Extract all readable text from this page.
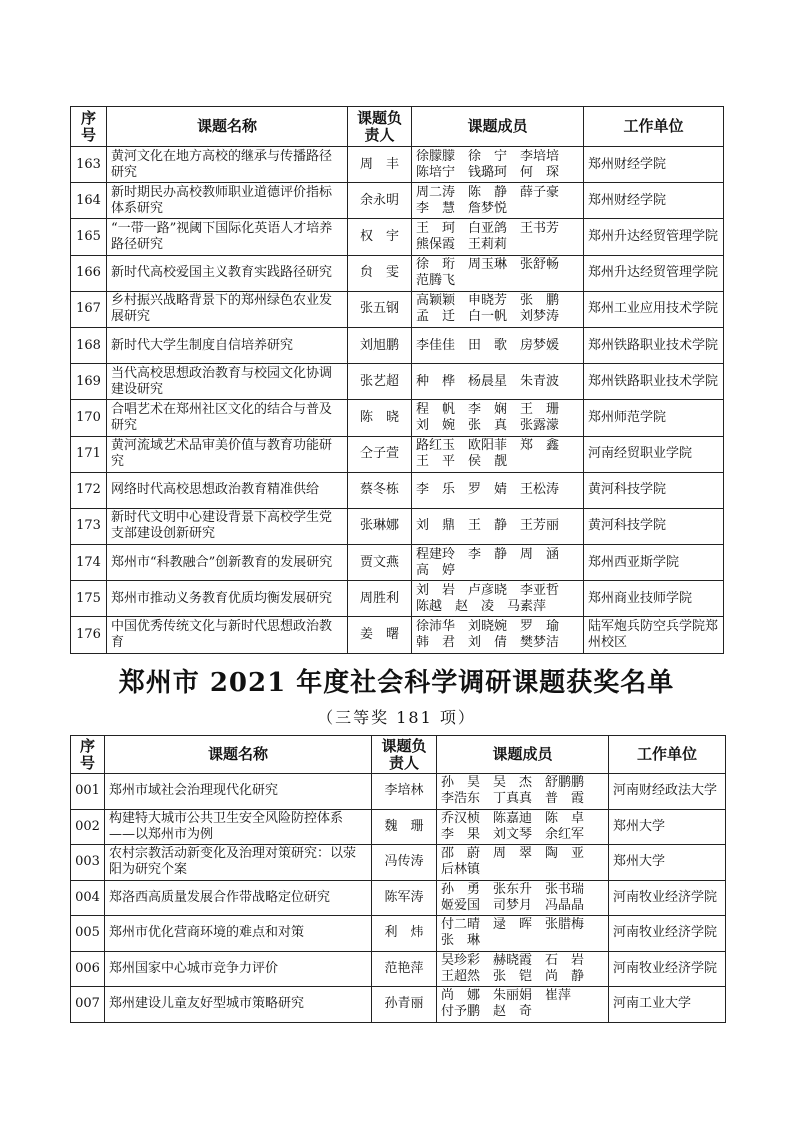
序号	课题名称	课题负责人	课题成员	工作单位
163	黄河文化在地方高校的继承与传播路径研究	周　丰	徐朦朦　徐　宁　李培培
陈培宁　钱璐珂　何　琛	郑州财经学院
164	新时期民办高校教师职业道德评价指标体系研究	余永明	周二涛　陈　静　薛子豪
李　慧　詹梦悦	郑州财经学院
165	“一带一路”视阈下国际化英语人才培养路径研究	权　宇	王　珂　白亚鸽　王书芳
熊保霞　王莉莉	郑州升达经贸管理学院
166	新时代高校爱国主义教育实践路径研究	贠　雯	徐　珩　周玉琳　张舒畅
范腾飞	郑州升达经贸管理学院
167	乡村振兴战略背景下的郑州绿色农业发展研究	张五钢	高颖颖　申晓芳　张　鹏
孟　迁　白一帆　刘梦涛	郑州工业应用技术学院
168	新时代大学生制度自信培养研究	刘旭鹏	李佳佳　田　歌　房梦媛	郑州铁路职业技术学院
169	当代高校思想政治教育与校园文化协调建设研究	张艺超	种　桦　杨晨星　朱青波	郑州铁路职业技术学院
170	合唱艺术在郑州社区文化的结合与普及研究	陈　晓	程　帆　李　娴　王　珊
刘　婉　张　真　张露濛	郑州师范学院
171	黄河流域艺术品审美价值与教育功能研究	仝子萱	路红玉　欧阳菲　郑　鑫
王　平　侯　靓	河南经贸职业学院
172	网络时代高校思想政治教育精准供给	蔡冬栋	李　乐　罗　婧　王松涛	黄河科技学院
173	新时代文明中心建设背景下高校学生党支部建设创新研究	张琳娜	刘　鼎　王　静　王芳丽	黄河科技学院
174	郑州市“科教融合”创新教育的发展研究	贾文燕	程建玲　李　静　周　涵
高　婷	郑州西亚斯学院
175	郑州市推动义务教育优质均衡发展研究	周胜利	刘　岩　卢彦晓　李亚哲
陈越　赵　凌　马素萍	郑州商业技师学院
176	中国优秀传统文化与新时代思想政治教育	姜　曙	徐沛华　刘晓婉　罗　瑜
韩　君　刘　倩　樊梦洁	陆军炮兵防空兵学院郑州校区
郑州市 2021 年度社会科学调研课题获奖名单
（三等奖 181 项）
序号	课题名称	课题负责人	课题成员	工作单位
001	郑州市域社会治理现代化研究	李培林	孙　昊　吴　杰　舒鹏鹏
李浩东　丁真真　普　霞	河南财经政法大学
002	构建特大城市公共卫生安全风险防控体系——以郑州市为例	魏　珊	乔汉桢　陈嘉迪　陈　卓
李　果　刘文琴　余红军	郑州大学
003	农村宗教活动新变化及治理对策研究：以荥阳为研究个案	冯传涛	邵　蔚　周　翠　陶　亚
后林镇	郑州大学
004	郑洛西高质量发展合作带战略定位研究	陈军涛	孙　勇　张东升　张书瑞
姬爱国　司梦月　冯晶晶	河南牧业经济学院
005	郑州市优化营商环境的难点和对策	利　炜	付二晴　逯　晖　张腊梅
张　琳	河南牧业经济学院
006	郑州国家中心城市竞争力评价	范艳萍	吴珍彩　赫晓霞　石　岩
王超然　张　铠　尚　静	河南牧业经济学院
007	郑州建设儿童友好型城市策略研究	孙青丽	尚　娜　朱丽娟　崔萍
付予鹏　赵　奇	河南工业大学
